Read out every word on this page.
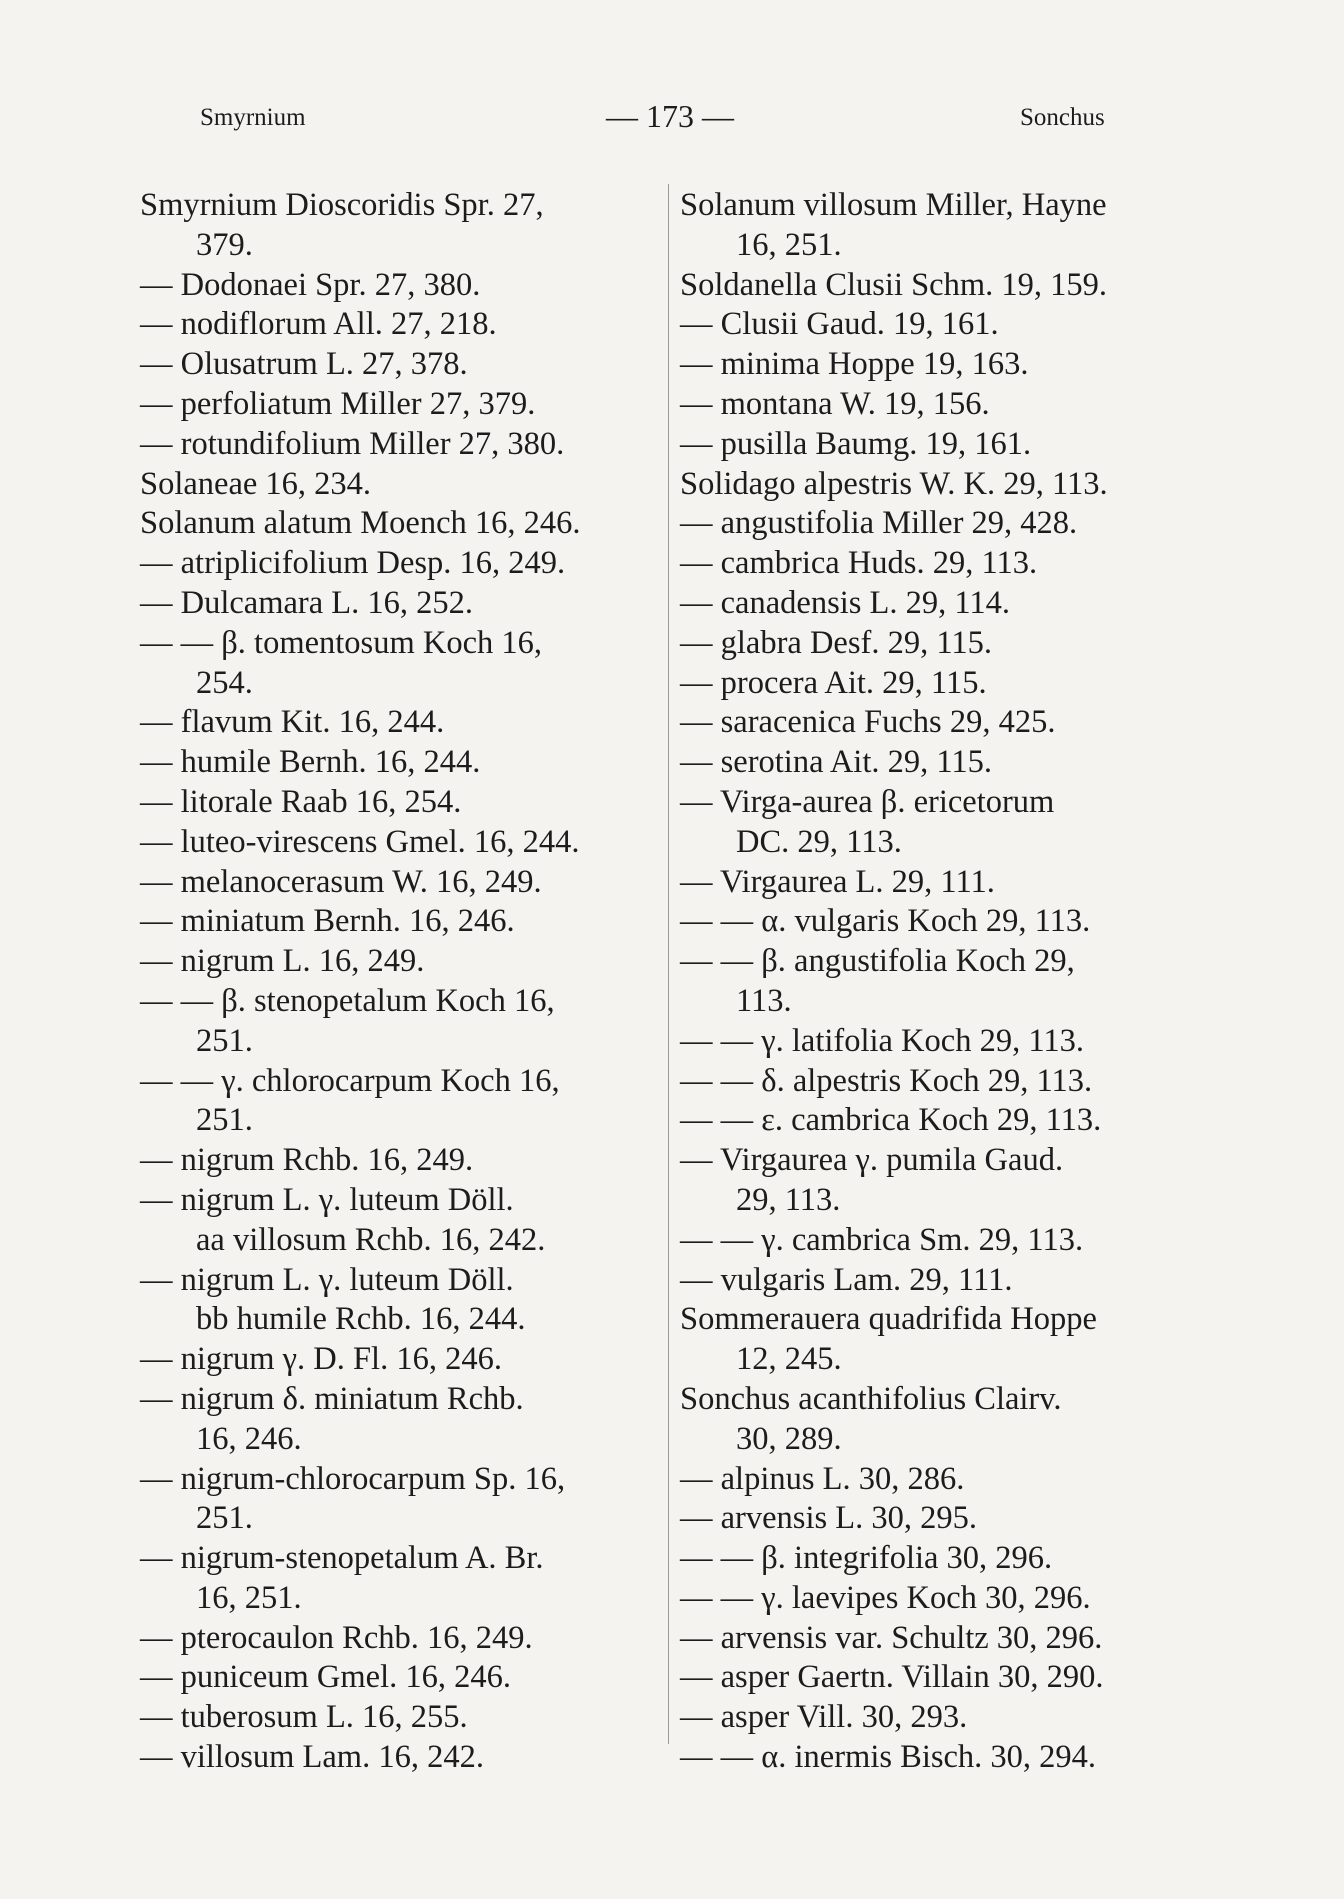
Smyrnium	— 173 —	Sonchus
Smyrnium Dioscoridis Spr. 27,
379.
— Dodonaei Spr. 27, 380.
— nodiflorum All. 27, 218.
— Olusatrum L. 27, 378.
— perfoliatum Miller 27, 379.
— rotundifolium Miller 27, 380.
Solaneae 16, 234.
Solanum alatum Moench 16, 246.
— atriplicifolium Desp. 16, 249.
— Dulcamara L. 16, 252.
— — β. tomentosum Koch 16,
254.
— flavum Kit. 16, 244.
— humile Bernh. 16, 244.
— litorale Raab 16, 254.
— luteo-virescens Gmel. 16, 244.
— melanocerasum W. 16, 249.
— miniatum Bernh. 16, 246.
— nigrum L. 16, 249.
— — β. stenopetalum Koch 16,
251.
— — γ. chlorocarpum Koch 16,
251.
— nigrum Rchb. 16, 249.
— nigrum L. γ. luteum Döll.
aa villosum Rchb. 16, 242.
— nigrum L. γ. luteum Döll.
bb humile Rchb. 16, 244.
— nigrum γ. D. Fl. 16, 246.
— nigrum δ. miniatum Rchb.
16, 246.
— nigrum-chlorocarpum Sp. 16,
251.
— nigrum-stenopetalum A. Br.
16, 251.
— pterocaulon Rchb. 16, 249.
— puniceum Gmel. 16, 246.
— tuberosum L. 16, 255.
— villosum Lam. 16, 242.
Solanum villosum Miller, Hayne
16, 251.
Soldanella Clusii Schm. 19, 159.
— Clusii Gaud. 19, 161.
— minima Hoppe 19, 163.
— montana W. 19, 156.
— pusilla Baumg. 19, 161.
Solidago alpestris W. K. 29, 113.
— angustifolia Miller 29, 428.
— cambrica Huds. 29, 113.
— canadensis L. 29, 114.
— glabra Desf. 29, 115.
— procera Ait. 29, 115.
— saracenica Fuchs 29, 425.
— serotina Ait. 29, 115.
— Virga-aurea β. ericetorum
DC. 29, 113.
— Virgaurea L. 29, 111.
— — α. vulgaris Koch 29, 113.
— — β. angustifolia Koch 29,
113.
— — γ. latifolia Koch 29, 113.
— — δ. alpestris Koch 29, 113.
— — ε. cambrica Koch 29, 113.
— Virgaurea γ. pumila Gaud.
29, 113.
— — γ. cambrica Sm. 29, 113.
— vulgaris Lam. 29, 111.
Sommerauera quadrifida Hoppe
12, 245.
Sonchus acanthifolius Clairv.
30, 289.
— alpinus L. 30, 286.
— arvensis L. 30, 295.
— — β. integrifolia 30, 296.
— — γ. laevipes Koch 30, 296.
— arvensis var. Schultz 30, 296.
— asper Gaertn. Villain 30, 290.
— asper Vill. 30, 293.
— — α. inermis Bisch. 30, 294.
